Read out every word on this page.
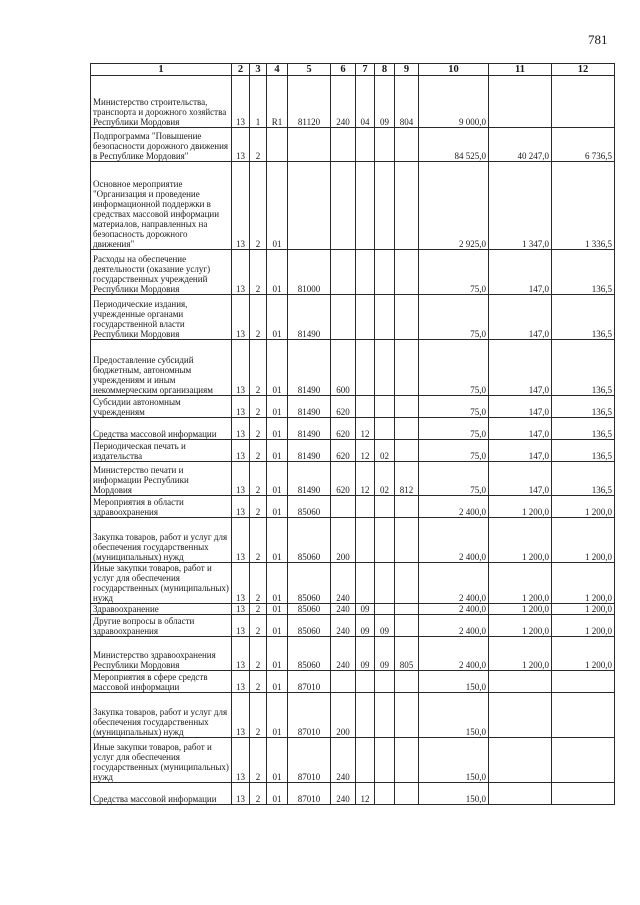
781
1	2	3	4	5	6	7	8	9	10	11	12
Министерство строительства, транспорта и дорожного хозяйства Республики Мордовия	13	1	R1	81120	240	04	09	804	9 000,0		
Подпрограмма "Повышение безопасности дорожного движения в Республике Мордовия"	13	2							84 525,0	40 247,0	6 736,5
Основное мероприятие "Организация и проведение информационной поддержки в средствах массовой информации материалов, направленных на безопасность дорожного движения"	13	2	01						2 925,0	1 347,0	1 336,5
Расходы на обеспечение деятельности (оказание услуг) государственных учреждений Республики Мордовия	13	2	01	81000					75,0	147,0	136,5
Периодические издания, учрежденные органами государственной власти Республики Мордовия	13	2	01	81490					75,0	147,0	136,5
Предоставление субсидий бюджетным, автономным учреждениям и иным некоммерческим организациям	13	2	01	81490	600				75,0	147,0	136,5
Субсидии автономным учреждениям	13	2	01	81490	620				75,0	147,0	136,5
Средства массовой информации	13	2	01	81490	620	12			75,0	147,0	136,5
Периодическая печать и издательства	13	2	01	81490	620	12	02		75,0	147,0	136,5
Министерство печати и информации Республики Мордовия	13	2	01	81490	620	12	02	812	75,0	147,0	136,5
Мероприятия в области здравоохранения	13	2	01	85060					2 400,0	1 200,0	1 200,0
Закупка товаров, работ и услуг для обеспечения государственных (муниципальных) нужд	13	2	01	85060	200				2 400,0	1 200,0	1 200,0
Иные закупки товаров, работ и услуг для обеспечения государственных (муниципальных) нужд	13	2	01	85060	240				2 400,0	1 200,0	1 200,0
Здравоохранение	13	2	01	85060	240	09			2 400,0	1 200,0	1 200,0
Другие вопросы в области здравоохранения	13	2	01	85060	240	09	09		2 400,0	1 200,0	1 200,0
Министерство здравоохранения Республики Мордовия	13	2	01	85060	240	09	09	805	2 400,0	1 200,0	1 200,0
Мероприятия в сфере средств массовой информации	13	2	01	87010					150,0		
Закупка товаров, работ и услуг для обеспечения государственных (муниципальных) нужд	13	2	01	87010	200				150,0		
Иные закупки товаров, работ и услуг для обеспечения государственных (муниципальных) нужд	13	2	01	87010	240				150,0		
Средства массовой информации	13	2	01	87010	240	12			150,0		
